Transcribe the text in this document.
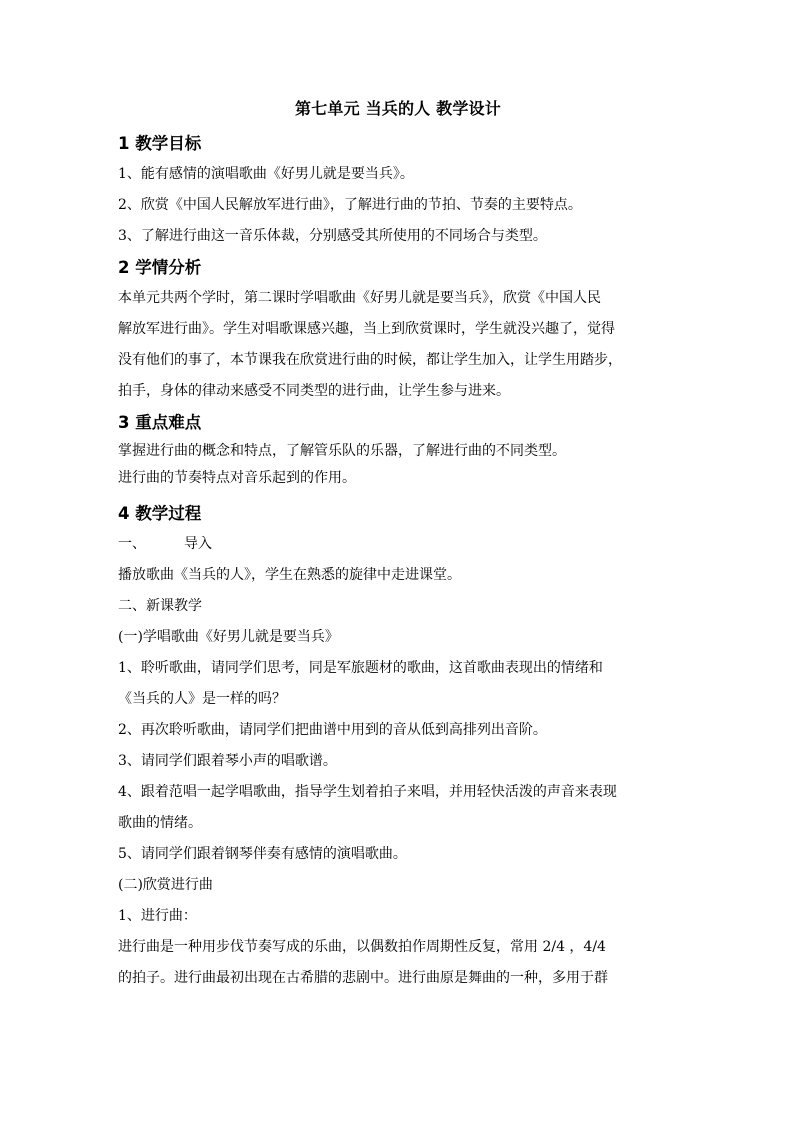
第七单元 当兵的人 教学设计
1 教学目标

1、能有感情的演唱歌曲《好男儿就是要当兵》。

2、欣赏《中国人民解放军进行曲》，了解进行曲的节拍、节奏的主要特点。

3、了解进行曲这一音乐体裁，分别感受其所使用的不同场合与类型。

2 学情分析

本单元共两个学时，第二课时学唱歌曲《好男儿就是要当兵》，欣赏《中国人民

解放军进行曲》。学生对唱歌课感兴趣，当上到欣赏课时，学生就没兴趣了，觉得

没有他们的事了，本节课我在欣赏进行曲的时候，都让学生加入，让学生用踏步，

拍手，身体的律动来感受不同类型的进行曲，让学生参与进来。

3 重点难点

掌握进行曲的概念和特点，了解管乐队的乐器，了解进行曲的不同类型。

进行曲的节奏特点对音乐起到的作用。

4 教学过程

一、	导入

播放歌曲《当兵的人》，学生在熟悉的旋律中走进课堂。

二、新课教学

(一)学唱歌曲《好男儿就是要当兵》

1、聆听歌曲，请同学们思考，同是军旅题材的歌曲，这首歌曲表现出的情绪和

《当兵的人》是一样的吗？

2、再次聆听歌曲，请同学们把曲谱中用到的音从低到高排列出音阶。

3、请同学们跟着琴小声的唱歌谱。

4、跟着范唱一起学唱歌曲，指导学生划着拍子来唱，并用轻快活泼的声音来表现

歌曲的情绪。

5、请同学们跟着钢琴伴奏有感情的演唱歌曲。

(二)欣赏进行曲

1、进行曲：

进行曲是一种用步伐节奏写成的乐曲，以偶数拍作周期性反复，常用 2/4 ，4/4

的拍子。进行曲最初出现在古希腊的悲剧中。进行曲原是舞曲的一种，多用于群
